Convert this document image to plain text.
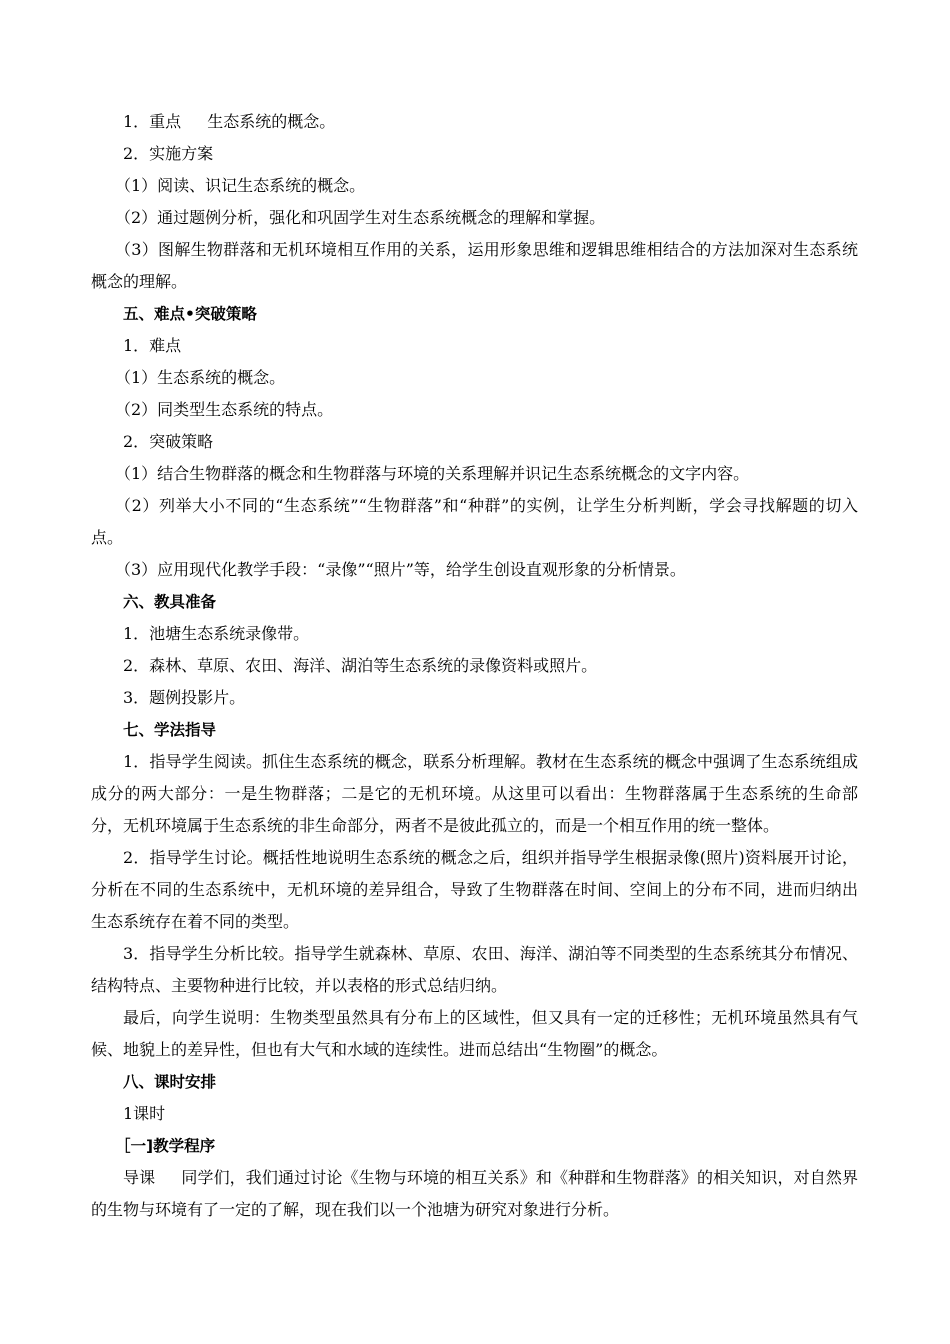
1．重点 生态系统的概念。

2．实施方案

（1）阅读、识记生态系统的概念。

（2）通过题例分析，强化和巩固学生对生态系统概念的理解和掌握。

（3）图解生物群落和无机环境相互作用的关系，运用形象思维和逻辑思维相结合的方法加深对生态系统概念的理解。

五、难点•突破策略

1．难点

（1）生态系统的概念。

（2）同类型生态系统的特点。

2．突破策略

（1）结合生物群落的概念和生物群落与环境的关系理解并识记生态系统概念的文字内容。

（2）列举大小不同的“生态系统”“生物群落”和“种群”的实例，让学生分析判断，学会寻找解题的切入点。

（3）应用现代化教学手段：“录像”“照片”等，给学生创设直观形象的分析情景。

六、教具准备

1．池塘生态系统录像带。

2．森林、草原、农田、海洋、湖泊等生态系统的录像资料或照片。

3．题例投影片。

七、学法指导

1．指导学生阅读。抓住生态系统的概念，联系分析理解。教材在生态系统的概念中强调了生态系统组成成分的两大部分：一是生物群落；二是它的无机环境。从这里可以看出：生物群落属于生态系统的生命部分，无机环境属于生态系统的非生命部分，两者不是彼此孤立的，而是一个相互作用的统一整体。

2．指导学生讨论。概括性地说明生态系统的概念之后，组织并指导学生根据录像(照片)资料展开讨论，分析在不同的生态系统中，无机环境的差异组合，导致了生物群落在时间、空间上的分布不同，进而归纳出生态系统存在着不同的类型。

3．指导学生分析比较。指导学生就森林、草原、农田、海洋、湖泊等不同类型的生态系统其分布情况、结构特点、主要物种进行比较，并以表格的形式总结归纳。

最后，向学生说明：生物类型虽然具有分布上的区域性，但又具有一定的迁移性；无机环境虽然具有气候、地貌上的差异性，但也有大气和水域的连续性。进而总结出“生物圈”的概念。

八、课时安排

1课时

［一]教学程序

导课 同学们，我们通过讨论《生物与环境的相互关系》和《种群和生物群落》的相关知识，对自然界的生物与环境有了一定的了解，现在我们以一个池塘为研究对象进行分析。
